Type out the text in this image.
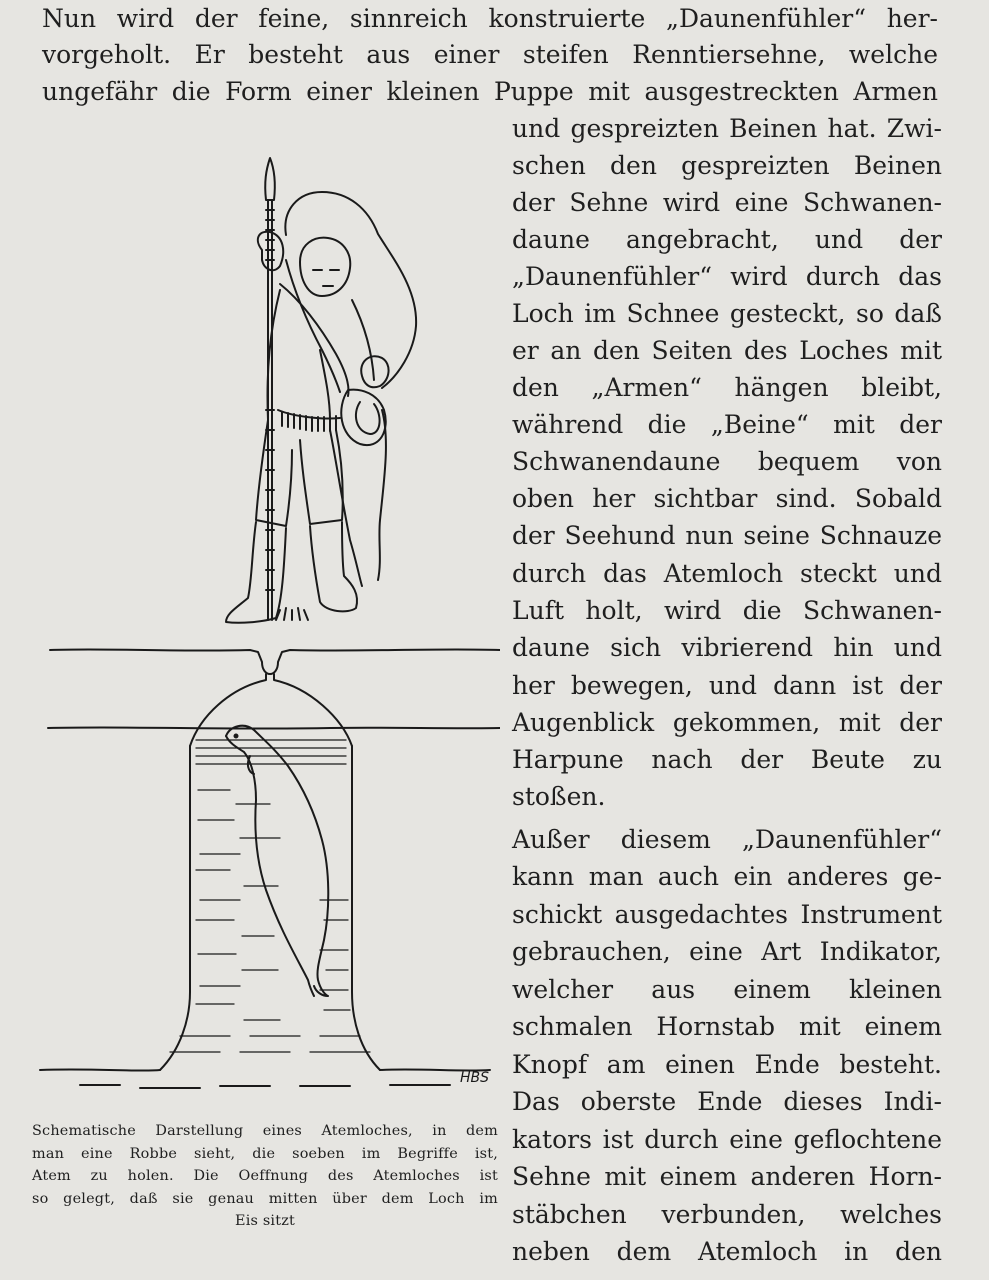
Nun wird der feine, sinnreich konstruierte „Daunenfühler“ her-
vorgeholt. Er besteht aus einer steifen Renntiersehne, welche
ungefähr die Form einer kleinen Puppe mit ausgestreckten Armen
und gespreizten Beinen hat. Zwi-
schen den gespreizten Beinen
der Sehne wird eine Schwanen-
daune angebracht, und der
„Daunenfühler“ wird durch das
Loch im Schnee gesteckt, so daß
er an den Seiten des Loches mit
den „Armen“ hängen bleibt,
während die „Beine“ mit der
Schwanendaune bequem von
oben her sichtbar sind. Sobald
der Seehund nun seine Schnauze
durch das Atemloch steckt und
Luft holt, wird die Schwanen-
daune sich vibrierend hin und
her bewegen, und dann ist der
Augenblick gekommen, mit der
Harpune nach der Beute zu
stoßen.
Außer diesem „Daunenfühler“
kann man auch ein anderes ge-
schickt ausgedachtes Instrument
gebrauchen, eine Art Indikator,
welcher aus einem kleinen
schmalen Hornstab mit einem
Knopf am einen Ende besteht.
Das oberste Ende dieses Indi-
kators ist durch eine geflochtene
Sehne mit einem anderen Horn-
stäbchen verbunden, welches
neben dem Atemloch in den
HBS
Schematische Darstellung eines Atemloches, in dem
man eine Robbe sieht, die soeben im Begriffe ist,
Atem zu holen. Die Oeffnung des Atemloches ist
so gelegt, daß sie genau mitten über dem Loch im
Eis sitzt
